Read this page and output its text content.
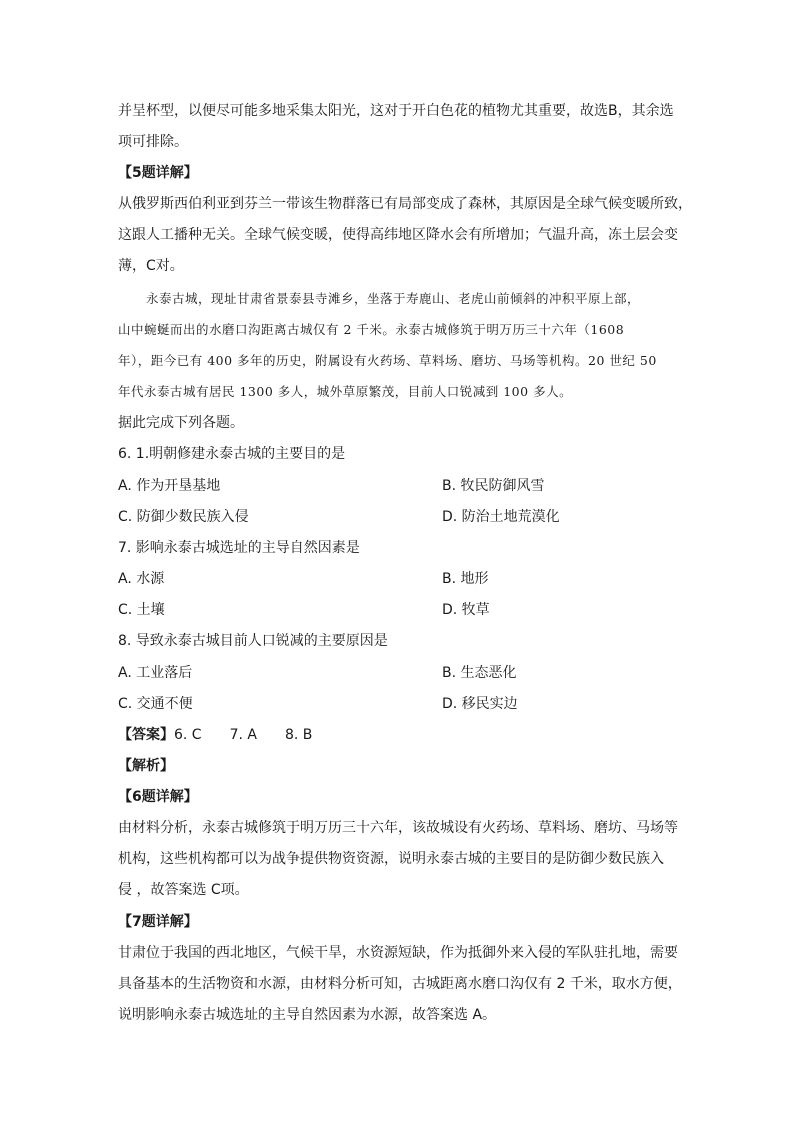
并呈杯型，以便尽可能多地采集太阳光，这对于开白色花的植物尤其重要，故选B，其余选
项可排除。
【5题详解】
从俄罗斯西伯利亚到芬兰一带该生物群落已有局部变成了森林，其原因是全球气候变暖所致，
这跟人工播种无关。全球气候变暖，使得高纬地区降水会有所增加；气温升高，冻土层会变
薄，C对。
永泰古城，现址甘肃省景泰县寺滩乡，坐落于寿鹿山、老虎山前倾斜的冲积平原上部，
山中蜿蜒而出的水磨口沟距离古城仅有 2 千米。永泰古城修筑于明万历三十六年（1608
年），距今已有 400 多年的历史，附属设有火药场、草料场、磨坊、马场等机构。20 世纪 50
年代永泰古城有居民 1300 多人，城外草原繁茂，目前人口锐减到 100 多人。
据此完成下列各题。
6. 1.明朝修建永泰古城的主要目的是
A. 作为开垦基地	B. 牧民防御风雪
C. 防御少数民族入侵	D. 防治土地荒漠化
7. 影响永泰古城选址的主导自然因素是
A. 水源	B. 地形
C. 土壤	D. 牧草
8. 导致永泰古城目前人口锐减的主要原因是
A. 工业落后	B. 生态恶化
C. 交通不便	D. 移民实边
【答案】6. C 7. A 8. B
【解析】
【6题详解】
由材料分析，永泰古城修筑于明万历三十六年，该故城设有火药场、草料场、磨坊、马场等
机构，这些机构都可以为战争提供物资资源，说明永泰古城的主要目的是防御少数民族入
侵 ，故答案选 C项。
【7题详解】
甘肃位于我国的西北地区，气候干旱，水资源短缺，作为抵御外来入侵的军队驻扎地，需要
具备基本的生活物资和水源，由材料分析可知，古城距离水磨口沟仅有 2 千米，取水方便，
说明影响永泰古城选址的主导自然因素为水源，故答案选 A。
